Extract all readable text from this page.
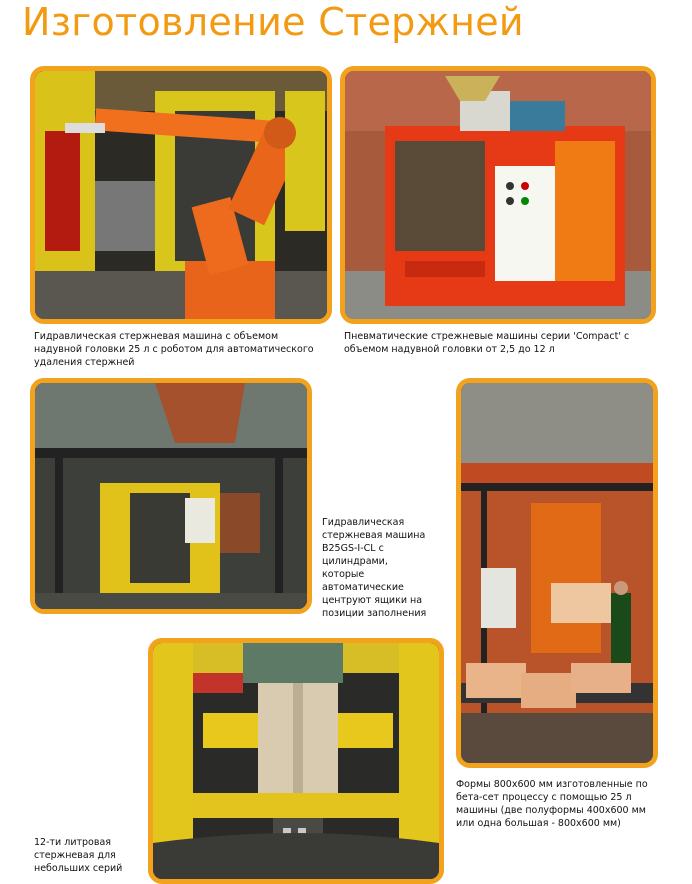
Изготовление Стержней
Гидравлическая стержневая машина с объемом надувной головки 25 л с роботом для автоматического удаления стержней
Пневматические стрежневые машины серии 'Compact' с объемом надувной головки от 2,5 до 12 л
Гидравлическая стержневая машина B25GS-I-CL с цилиндрами, которые автоматические центруют ящики на позиции заполнения
Формы 800x600 мм изготовленные по бета-сет процессу с помощью 25 л машины (две полуформы 400x600 мм или одна большая - 800x600 мм)
12-ти литровая стержневая для небольших серий
